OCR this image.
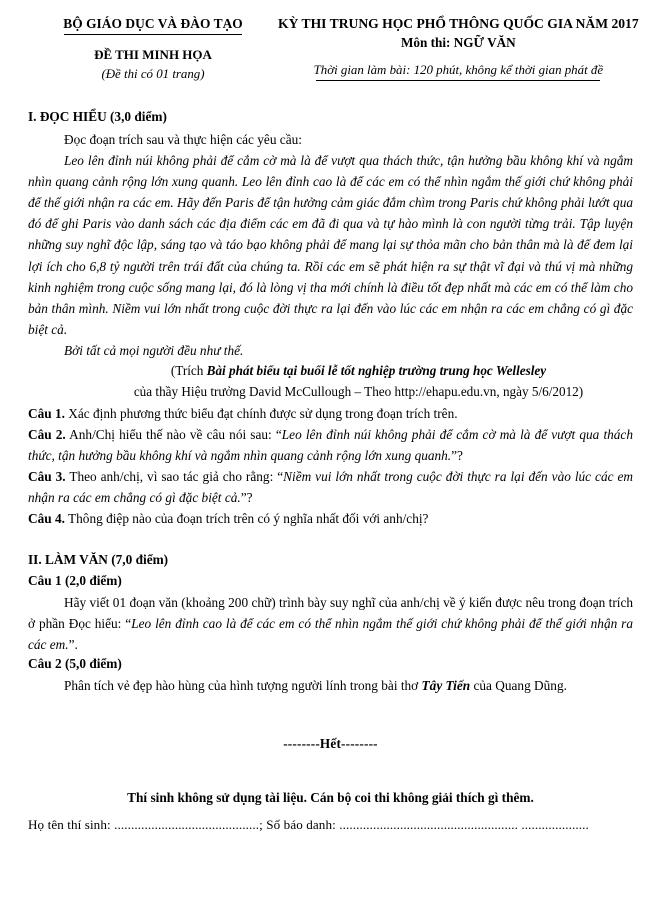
BỘ GIÁO DỤC VÀ ĐÀO TẠO
ĐỀ THI MINH HỌA
(Đề thi có 01 trang)
KỲ THI TRUNG HỌC PHỔ THÔNG QUỐC GIA NĂM 2017
Môn thi: NGỮ VĂN
Thời gian làm bài: 120 phút, không kể thời gian phát đề
I. ĐỌC HIỂU (3,0 điểm)

Đọc đoạn trích sau và thực hiện các yêu cầu:

Leo lên đỉnh núi không phải để cắm cờ mà là để vượt qua thách thức, tận hưởng bầu không khí và ngắm nhìn quang cảnh rộng lớn xung quanh. Leo lên đỉnh cao là để các em có thể nhìn ngắm thế giới chứ không phải để thế giới nhận ra các em. Hãy đến Paris để tận hưởng cảm giác đắm chìm trong Paris chứ không phải lướt qua đó để ghi Paris vào danh sách các địa điểm các em đã đi qua và tự hào mình là con người từng trải. Tập luyện những suy nghĩ độc lập, sáng tạo và táo bạo không phải để mang lại sự thỏa mãn cho bản thân mà là để đem lại lợi ích cho 6,8 tỷ người trên trái đất của chúng ta. Rồi các em sẽ phát hiện ra sự thật vĩ đại và thú vị mà những kinh nghiệm trong cuộc sống mang lại, đó là lòng vị tha mới chính là điều tốt đẹp nhất mà các em có thể làm cho bản thân mình. Niềm vui lớn nhất trong cuộc đời thực ra lại đến vào lúc các em nhận ra các em chẳng có gì đặc biệt cả.

Bởi tất cả mọi người đều như thế.

(Trích Bài phát biểu tại buổi lễ tốt nghiệp trường trung học Wellesley

của thầy Hiệu trưởng David McCullough – Theo http://ehapu.edu.vn, ngày 5/6/2012)

Câu 1. Xác định phương thức biểu đạt chính được sử dụng trong đoạn trích trên.

Câu 2. Anh/Chị hiểu thế nào về câu nói sau: “Leo lên đỉnh núi không phải để cắm cờ mà là để vượt qua thách thức, tận hưởng bầu không khí và ngắm nhìn quang cảnh rộng lớn xung quanh.”?

Câu 3. Theo anh/chị, vì sao tác giả cho rằng: “Niềm vui lớn nhất trong cuộc đời thực ra lại đến vào lúc các em nhận ra các em chẳng có gì đặc biệt cả.”?

Câu 4. Thông điệp nào của đoạn trích trên có ý nghĩa nhất đối với anh/chị?

II. LÀM VĂN (7,0 điểm)
Câu 1 (2,0 điểm)

Hãy viết 01 đoạn văn (khoảng 200 chữ) trình bày suy nghĩ của anh/chị về ý kiến được nêu trong đoạn trích ở phần Đọc hiểu: “Leo lên đỉnh cao là để các em có thể nhìn ngắm thế giới chứ không phải để thế giới nhận ra các em.”.

Câu 2 (5,0 điểm)

Phân tích vẻ đẹp hào hùng của hình tượng người lính trong bài thơ Tây Tiến của Quang Dũng.

--------Hết--------
Thí sinh không sử dụng tài liệu. Cán bộ coi thi không giải thích gì thêm.
Họ tên thí sinh: ...........................................; Số báo danh: ..................................................... ....................
